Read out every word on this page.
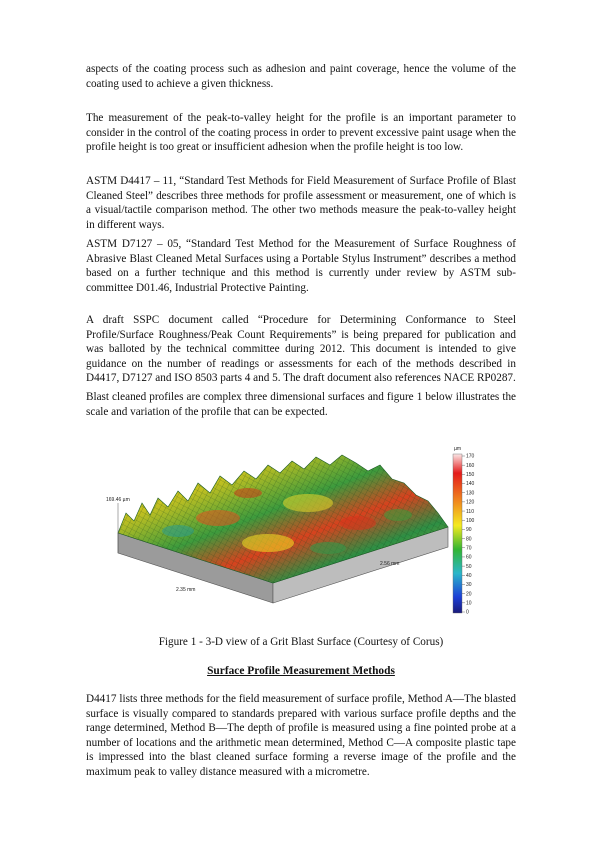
aspects of the coating process such as adhesion and paint coverage, hence the volume of the coating used to achieve a given thickness.

The measurement of the peak-to-valley height for the profile is an important parameter to consider in the control of the coating process in order to prevent excessive paint usage when the profile height is too great or insufficient adhesion when the profile height is too low.

ASTM D4417 – 11, “Standard Test Methods for Field Measurement of Surface Profile of Blast Cleaned Steel” describes three methods for profile assessment or measurement, one of which is a visual/tactile comparison method. The other two methods measure the peak-to-valley height in different ways.

ASTM D7127 – 05, “Standard Test Method for the Measurement of Surface Roughness of Abrasive Blast Cleaned Metal Surfaces using a Portable Stylus Instrument” describes a method based on a further technique and this method is currently under review by ASTM sub-committee D01.46, Industrial Protective Painting.

A draft SSPC document called “Procedure for Determining Conformance to Steel Profile/Surface Roughness/Peak Count Requirements” is being prepared for publication and was balloted by the technical committee during 2012. This document is intended to give guidance on the number of readings or assessments for each of the methods described in D4417, D7127 and ISO 8503 parts 4 and 5. The draft document also references NACE RP0287.

Blast cleaned profiles are complex three dimensional surfaces and figure 1 below illustrates the scale and variation of the profile that can be expected.

169.46 µm
2.35 mm
2.56 mm
µm
170
160
150
140
130
120
110
100
90
80
70
60
50
40
30
20
10
0
Figure 1 - 3-D view of a Grit Blast Surface (Courtesy of Corus)
Surface Profile Measurement Methods

D4417 lists three methods for the field measurement of surface profile, Method A—The blasted surface is visually compared to standards prepared with various surface profile depths and the range determined, Method B—The depth of profile is measured using a fine pointed probe at a number of locations and the arithmetic mean determined, Method C—A composite plastic tape is impressed into the blast cleaned surface forming a reverse image of the profile and the maximum peak to valley distance measured with a micrometre.
